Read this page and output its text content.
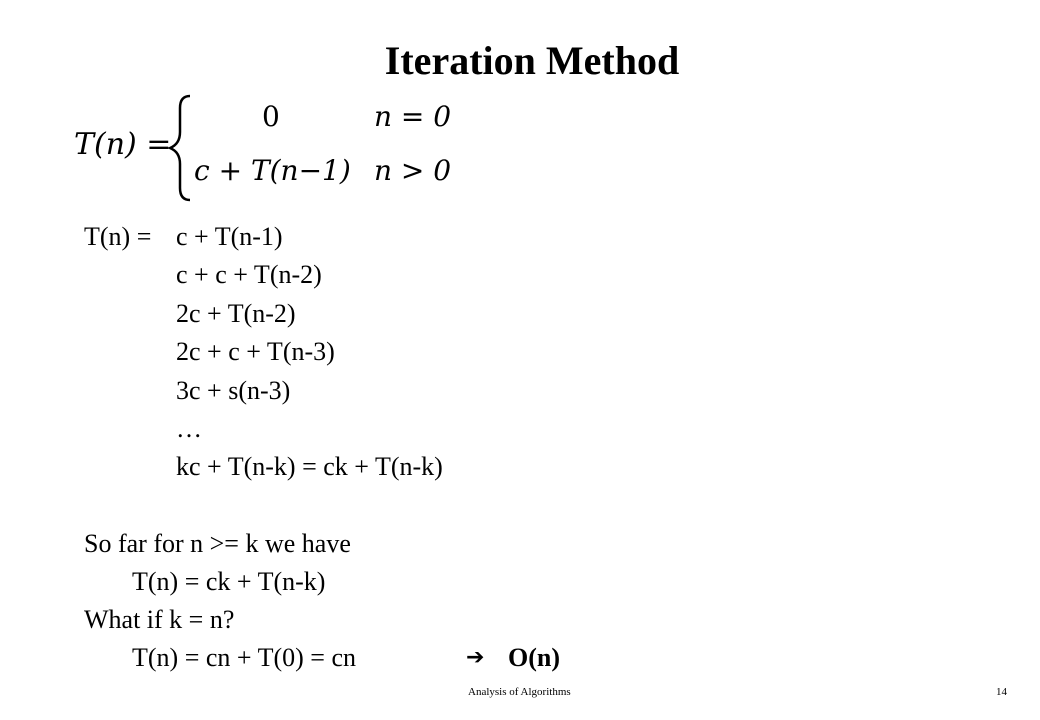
Iteration Method
T(n) =
0	n = 0
c + T(n−1) n > 0
T(n) = c + T(n-1)
c + c + T(n-2)
2c + T(n-2)
2c + c + T(n-3)
3c + s(n-3)
…
kc + T(n-k) = ck + T(n-k)
So far for n >= k we have
T(n) = ck + T(n-k)
What if k = n?
T(n) = cn + T(0) = cn	➔ O(n)
Analysis of Algorithms	14
